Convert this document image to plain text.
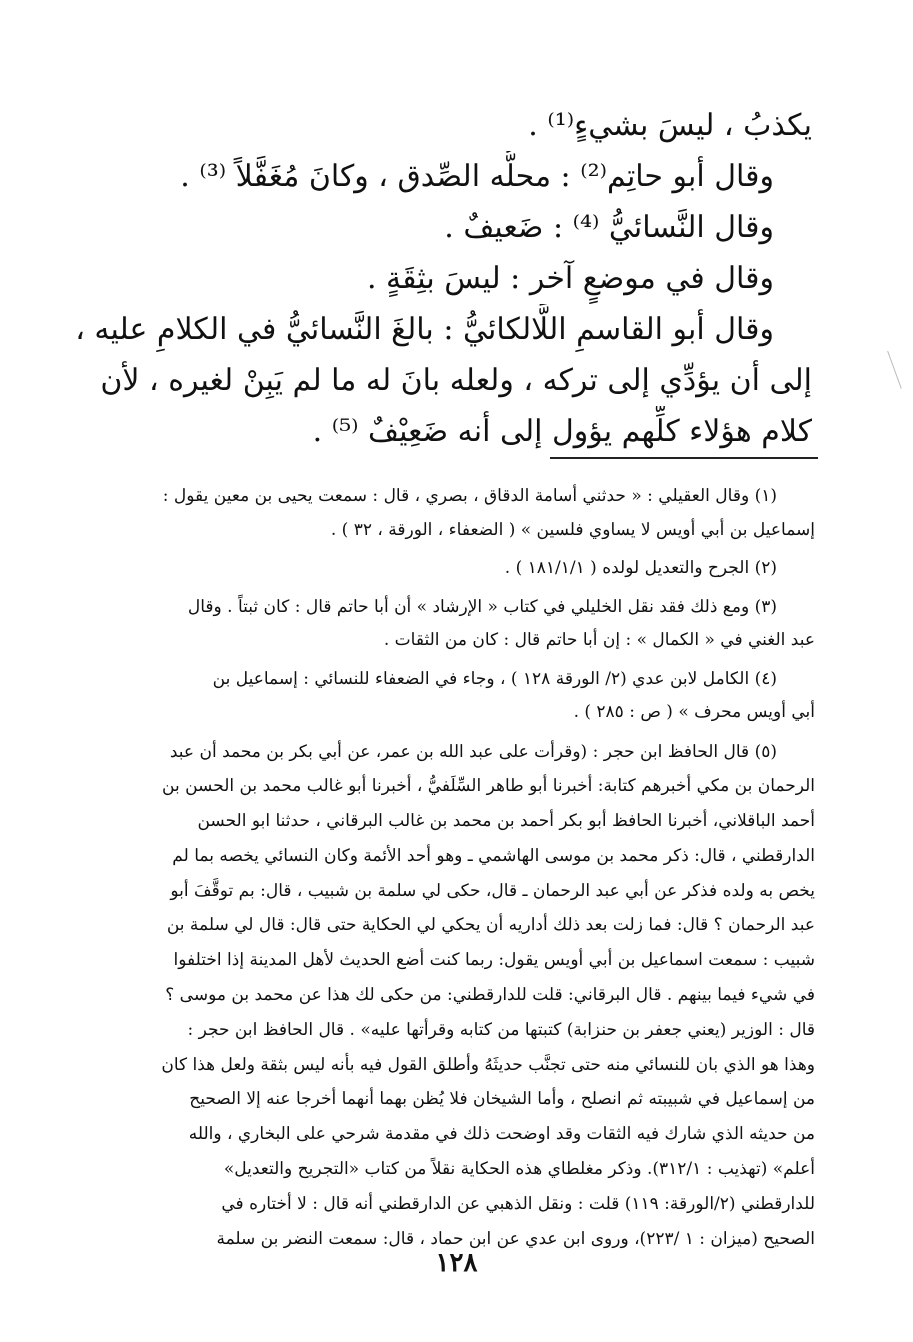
يكذبُ ، ليسَ بشيءٍ⁽¹⁾ .

وقال أبو حاتِم⁽²⁾ : محلُّه الصِّدق ، وكانَ مُغَفَّلاً ⁽³⁾ .

وقال النَّسائيُّ ⁽⁴⁾ : ضَعيفٌ .

وقال في موضعٍ آخر : ليسَ بثِقَةٍ .

وقال أبو القاسمِ اللَّالكائيُّ : بالغَ النَّسائيُّ في الكلامِ عليه ،

إلى أن يؤدِّي إلى تركه ، ولعله بانَ له ما لم يَبِنْ لغيره ، لأن

كلام هؤلاء كلِّهم يؤول إلى أنه ضَعِيْفٌ ⁽⁵⁾ .

(١) وقال العقيلي : « حدثني أسامة الدقاق ، بصري ، قال : سمعت يحيى بن معين يقول :
إسماعيل بن أبي أويس لا يساوي فلسين » ( الضعفاء ، الورقة ، ٣٢ ) .
(٢) الجرح والتعديل لولده ( ١٨١/١/١ ) .
(٣) ومع ذلك فقد نقل الخليلي في كتاب « الإرشاد » أن أبا حاتم قال : كان ثبتاً . وقال
عبد الغني في « الكمال » : إن أبا حاتم قال : كان من الثقات .
(٤) الكامل لابن عدي (٢/ الورقة ١٢٨ ) ، وجاء في الضعفاء للنسائي : إسماعيل بن
أبي أويس محرف » ( ص : ٢٨٥ ) .
(٥) قال الحافظ ابن حجر : (وقرأت على عبد الله بن عمر، عن أبي بكر بن محمد أن عبد
الرحمان بن مكي أخبرهم كتابة: أخبرنا أبو طاهر السِّلَفيُّ ، أخبرنا أبو غالب محمد بن الحسن بن
أحمد الباقلاني، أخبرنا الحافظ أبو بكر أحمد بن محمد بن غالب البرقاني ، حدثنا ابو الحسن
الدارقطني ، قال: ذكر محمد بن موسى الهاشمي ـ وهو أحد الأئمة وكان النسائي يخصه بما لم
يخص به ولده فذكر عن أبي عبد الرحمان ـ قال، حكى لي سلمة بن شبيب ، قال: بم توقَّفَ أبو
عبد الرحمان ؟ قال: فما زلت بعد ذلك أداريه أن يحكي لي الحكاية حتى قال: قال لي سلمة بن
شبيب : سمعت اسماعيل بن أبي أويس يقول: ربما كنت أضع الحديث لأهل المدينة إذا اختلفوا
في شيء فيما بينهم . قال البرقاني: قلت للدارقطني: من حكى لك هذا عن محمد بن موسى ؟
قال : الوزير (يعني جعفر بن حنزابة) كتبتها من كتابه وقرأتها عليه» . قال الحافظ ابن حجر :
وهذا هو الذي بان للنسائي منه حتى تجنَّب حديثَهُ وأطلق القول فيه بأنه ليس بثقة ولعل هذا كان
من إسماعيل في شبيبته ثم انصلح ، وأما الشيخان فلا يُظن بهما أنهما أخرجا عنه إلا الصحيح
من حديثه الذي شارك فيه الثقات وقد اوضحت ذلك في مقدمة شرحي على البخاري ، والله
أعلم» (تهذيب : ٣١٢/١). وذكر مغلطاي هذه الحكاية نقلاً من كتاب «التجريح والتعديل»
للدارقطني (٢/الورقة: ١١٩) قلت : ونقل الذهبي عن الدارقطني أنه قال : لا أختاره في
الصحيح (ميزان : ١ /٢٢٣)، وروى ابن عدي عن ابن حماد ، قال: سمعت النضر بن سلمة
١٢٨
